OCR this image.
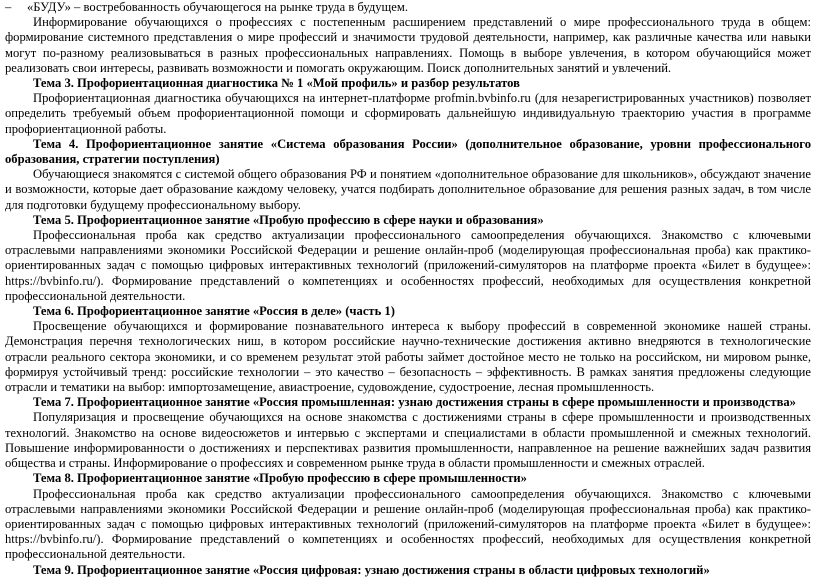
– «БУДУ» – востребованность обучающегося на рынке труда в будущем.

Информирование обучающихся о профессиях с постепенным расширением представлений о мире профессионального труда в общем: формирование системного представления о мире профессий и значимости трудовой деятельности, например, как различные качества или навыки могут по-разному реализовываться в разных профессиональных направлениях. Помощь в выборе увлечения, в котором обучающийся может реализовать свои интересы, развивать возможности и помогать окружающим. Поиск дополнительных занятий и увлечений.

Тема 3. Профориентационная диагностика № 1 «Мой профиль» и разбор результатов

Профориентационная диагностика обучающихся на интернет-платформе profmin.bvbinfo.ru (для незарегистрированных участников) позволяет определить требуемый объем профориентационной помощи и сформировать дальнейшую индивидуальную траекторию участия в программе профориентационной работы.

Тема 4. Профориентационное занятие «Система образования России» (дополнительное образование, уровни профессионального образования, стратегии поступления)

Обучающиеся знакомятся с системой общего образования РФ и понятием «дополнительное образование для школьников», обсуждают значение и возможности, которые дает образование каждому человеку, учатся подбирать дополнительное образование для решения разных задач, в том числе для подготовки будущему профессиональному выбору.

Тема 5. Профориентационное занятие «Пробую профессию в сфере науки и образования»

Профессиональная проба как средство актуализации профессионального самоопределения обучающихся. Знакомство с ключевыми отраслевыми направлениями экономики Российской Федерации и решение онлайн-проб (моделирующая профессиональная проба) как практико-ориентированных задач с помощью цифровых интерактивных технологий (приложений-симуляторов на платформе проекта «Билет в будущее»: https://bvbinfo.ru/). Формирование представлений о компетенциях и особенностях профессий, необходимых для осуществления конкретной профессиональной деятельности.

Тема 6. Профориентационное занятие «Россия в деле» (часть 1)

Просвещение обучающихся и формирование познавательного интереса к выбору профессий в современной экономике нашей страны. Демонстрация перечня технологических ниш, в котором российские научно-технические достижения активно внедряются в технологические отрасли реального сектора экономики, и со временем результат этой работы займет достойное место не только на российском, ни мировом рынке, формируя устойчивый тренд: российские технологии – это качество – безопасность – эффективность. В рамках занятия предложены следующие отрасли и тематики на выбор: импортозамещение, авиастроение, судовождение, судостроение, лесная промышленность.

Тема 7. Профориентационное занятие «Россия промышленная: узнаю достижения страны в сфере промышленности и производства»

Популяризация и просвещение обучающихся на основе знакомства с достижениями страны в сфере промышленности и производственных технологий. Знакомство на основе видеосюжетов и интервью с экспертами и специалистами в области промышленной и смежных технологий. Повышение информированности о достижениях и перспективах развития промышленности, направленное на решение важнейших задач развития общества и страны. Информирование о профессиях и современном рынке труда в области промышленности и смежных отраслей.

Тема 8. Профориентационное занятие «Пробую профессию в сфере промышленности»

Профессиональная проба как средство актуализации профессионального самоопределения обучающихся. Знакомство с ключевыми отраслевыми направлениями экономики Российской Федерации и решение онлайн-проб (моделирующая профессиональная проба) как практико-ориентированных задач с помощью цифровых интерактивных технологий (приложений-симуляторов на платформе проекта «Билет в будущее»: https://bvbinfo.ru/). Формирование представлений о компетенциях и особенностях профессий, необходимых для осуществления конкретной профессиональной деятельности.

Тема 9. Профориентационное занятие «Россия цифровая: узнаю достижения страны в области цифровых технологий»
